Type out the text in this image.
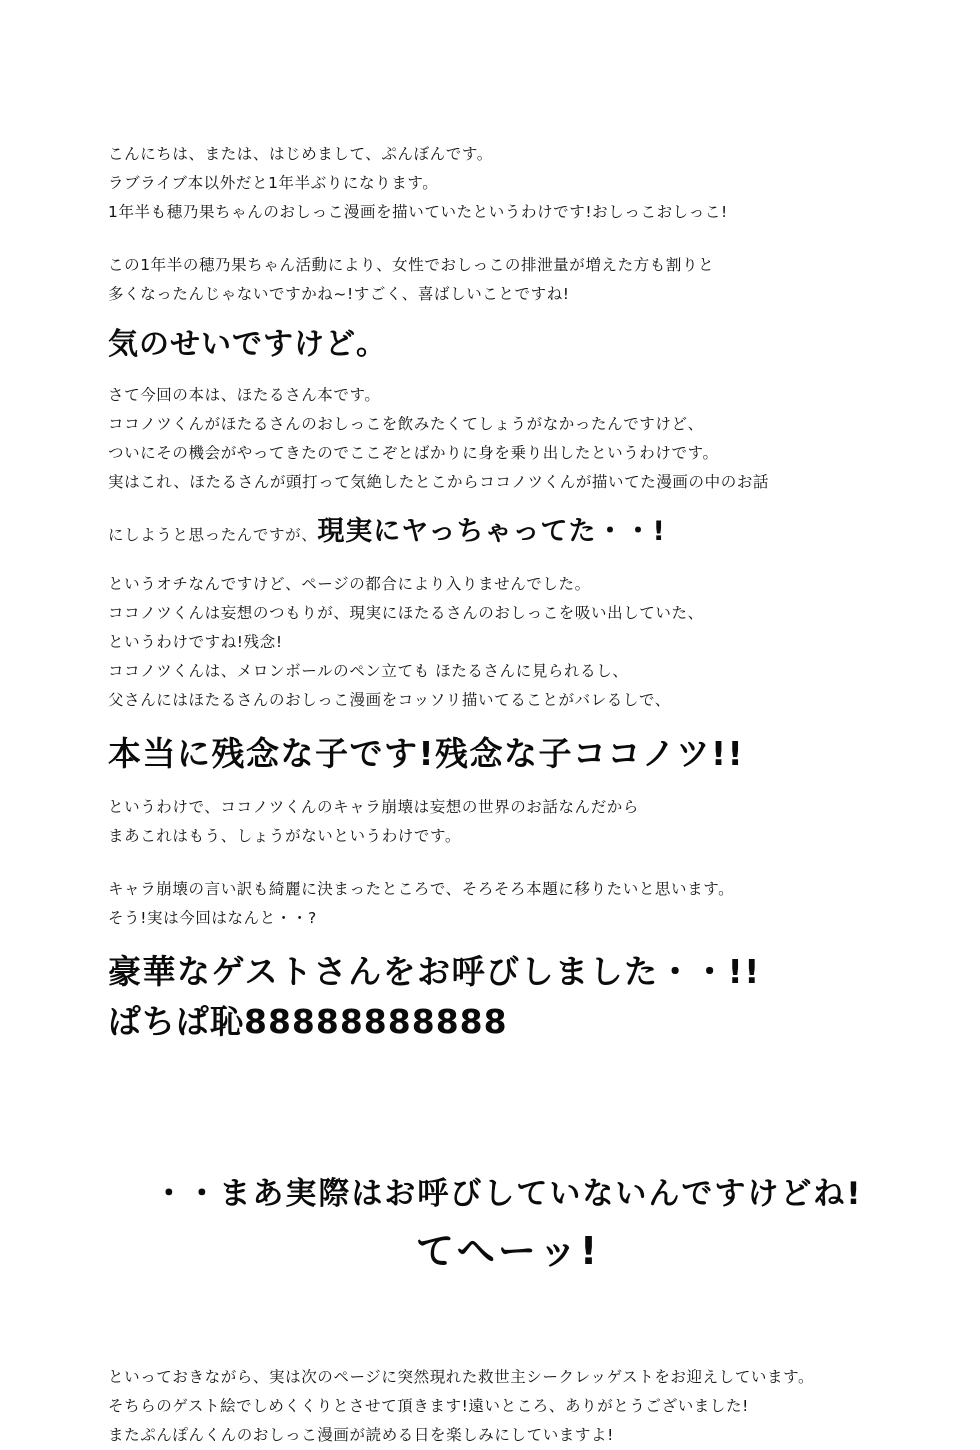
こんにちは、または、はじめまして、ぷんぼんです。
ラブライブ本以外だと1年半ぶりになります。
1年半も穂乃果ちゃんのおしっこ漫画を描いていたというわけです!おしっこおしっこ!
この1年半の穂乃果ちゃん活動により、女性でおしっこの排泄量が増えた方も割りと
多くなったんじゃないですかね~!すごく、喜ばしいことですね!
気のせいですけど。
さて今回の本は、ほたるさん本です。
ココノツくんがほたるさんのおしっこを飲みたくてしょうがなかったんですけど、
ついにその機会がやってきたのでここぞとばかりに身を乗り出したというわけです。
実はこれ、ほたるさんが頭打って気絶したとこからココノツくんが描いてた漫画の中のお話
にしようと思ったんですが、現実にヤっちゃってた・・!
というオチなんですけど、ページの都合により入りませんでした。
ココノツくんは妄想のつもりが、現実にほたるさんのおしっこを吸い出していた、
というわけですね!残念!
ココノツくんは、メロンボールのペン立ても ほたるさんに見られるし、
父さんにはほたるさんのおしっこ漫画をコッソリ描いてることがバレるしで、
本当に残念な子です!残念な子ココノツ!!
というわけで、ココノツくんのキャラ崩壊は妄想の世界のお話なんだから
まあこれはもう、しょうがないというわけです。
キャラ崩壊の言い訳も綺麗に決まったところで、そろそろ本題に移りたいと思います。
そう!実は今回はなんと・・?
豪華なゲストさんをお呼びしました・・!!
ぱちぱ恥88888888888
・・まあ実際はお呼びしていないんですけどね!
てへーッ!
といっておきながら、実は次のページに突然現れた救世主シークレッゲストをお迎えしています。
そちらのゲスト絵でしめくくりとさせて頂きます!遠いところ、ありがとうございました!
またぷんぽんくんのおしっこ漫画が読める日を楽しみにしていますよ!
